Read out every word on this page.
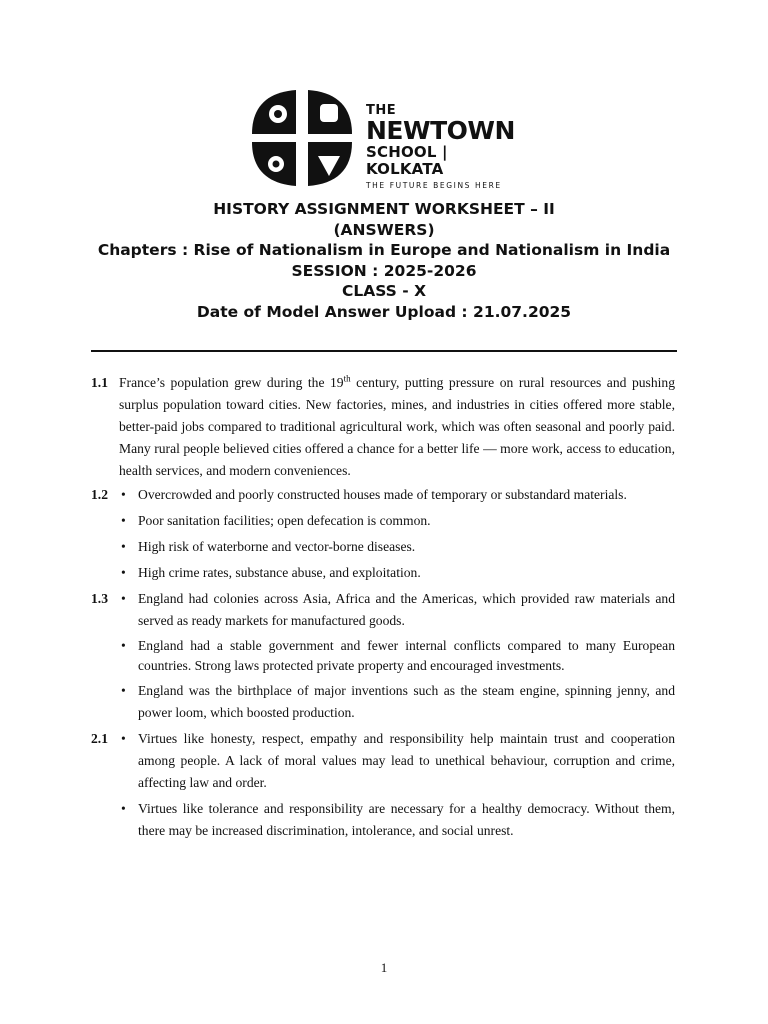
THE
NEWTOWN
SCHOOL | KOLKATA
THE FUTURE BEGINS HERE
HISTORY ASSIGNMENT WORKSHEET – II
(ANSWERS)
Chapters : Rise of Nationalism in Europe and Nationalism in India
SESSION : 2025-2026
CLASS - X
Date of Model Answer Upload : 21.07.2025
1.1 France’s population grew during the 19th century, putting pressure on rural resources and pushing surplus population toward cities. New factories, mines, and industries in cities offered more stable, better-paid jobs compared to traditional agricultural work, which was often seasonal and poorly paid. Many rural people believed cities offered a chance for a better life — more work, access to education, health services, and modern conveniences.
1.2 • Overcrowded and poorly constructed houses made of temporary or substandard materials.
• Poor sanitation facilities; open defecation is common.
• High risk of waterborne and vector-borne diseases.
• High crime rates, substance abuse, and exploitation.
1.3 • England had colonies across Asia, Africa and the Americas, which provided raw materials and served as ready markets for manufactured goods.
• England had a stable government and fewer internal conflicts compared to many European countries. Strong laws protected private property and encouraged investments.
• England was the birthplace of major inventions such as the steam engine, spinning jenny, and power loom, which boosted production.
2.1 • Virtues like honesty, respect, empathy and responsibility help maintain trust and cooperation among people. A lack of moral values may lead to unethical behaviour, corruption and crime, affecting law and order.
• Virtues like tolerance and responsibility are necessary for a healthy democracy. Without them, there may be increased discrimination, intolerance, and social unrest.
1
